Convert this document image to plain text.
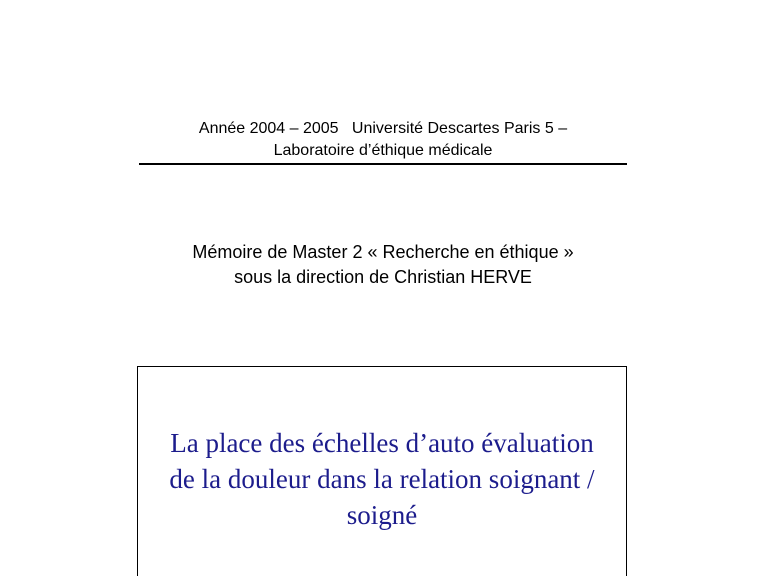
Année 2004 – 2005   Université Descartes Paris 5 –
Laboratoire d’éthique médicale
Mémoire de Master 2 « Recherche en éthique »
sous la direction de Christian HERVE
La place des échelles d’auto évaluation
de la douleur dans la relation soignant /
soigné
